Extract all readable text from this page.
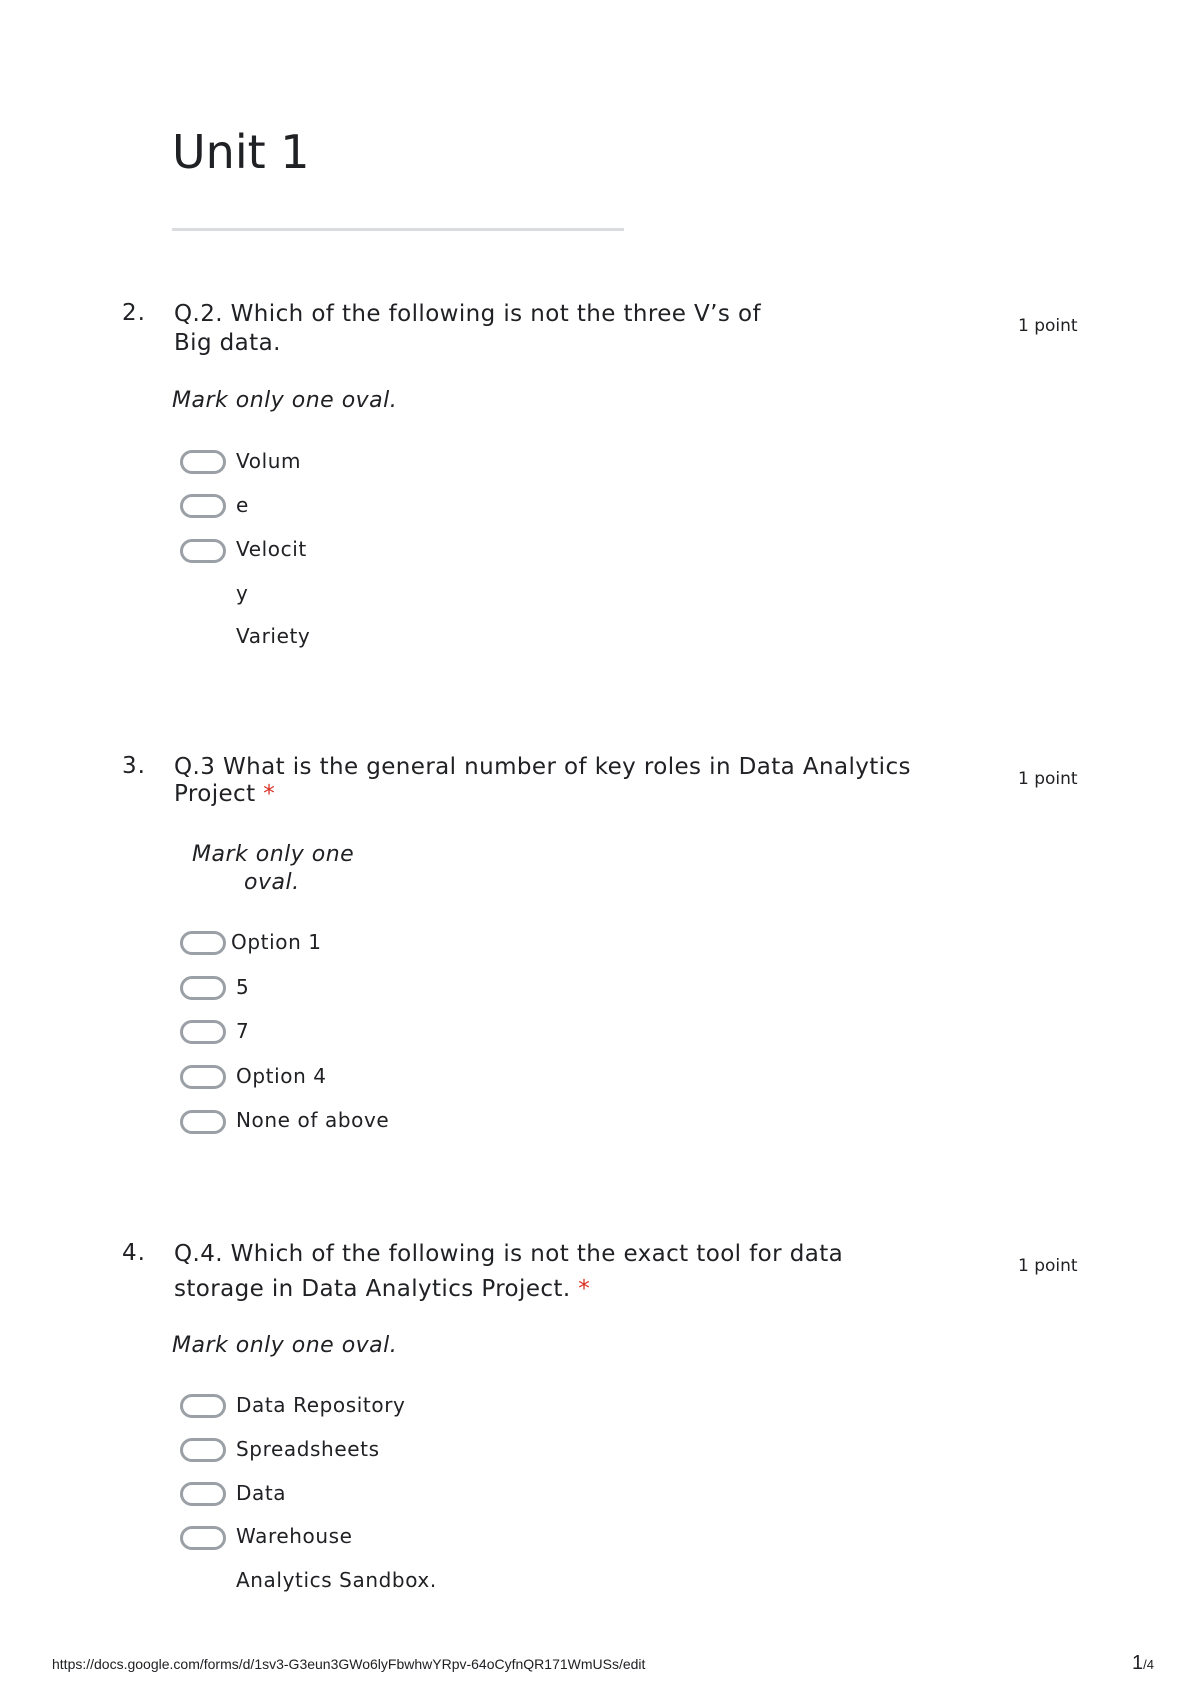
Unit 1
2. Q.2. Which of the following is not the three V’s of
Big data.
1 point
Mark only one oval.
Volum
e
Velocit
y
Variety
3. Q.3 What is the general number of key roles in Data Analytics
Project *
1 point
Mark only one
oval.
Option 1
5
7
Option 4
None of above
4. Q.4. Which of the following is not the exact tool for data
storage in Data Analytics Project. *
1 point
Mark only one oval.
Data Repository
Spreadsheets
Data
Warehouse
Analytics Sandbox.
https://docs.google.com/forms/d/1sv3-G3eun3GWo6lyFbwhwYRpv-64oCyfnQR171WmUSs/edit	1/4
